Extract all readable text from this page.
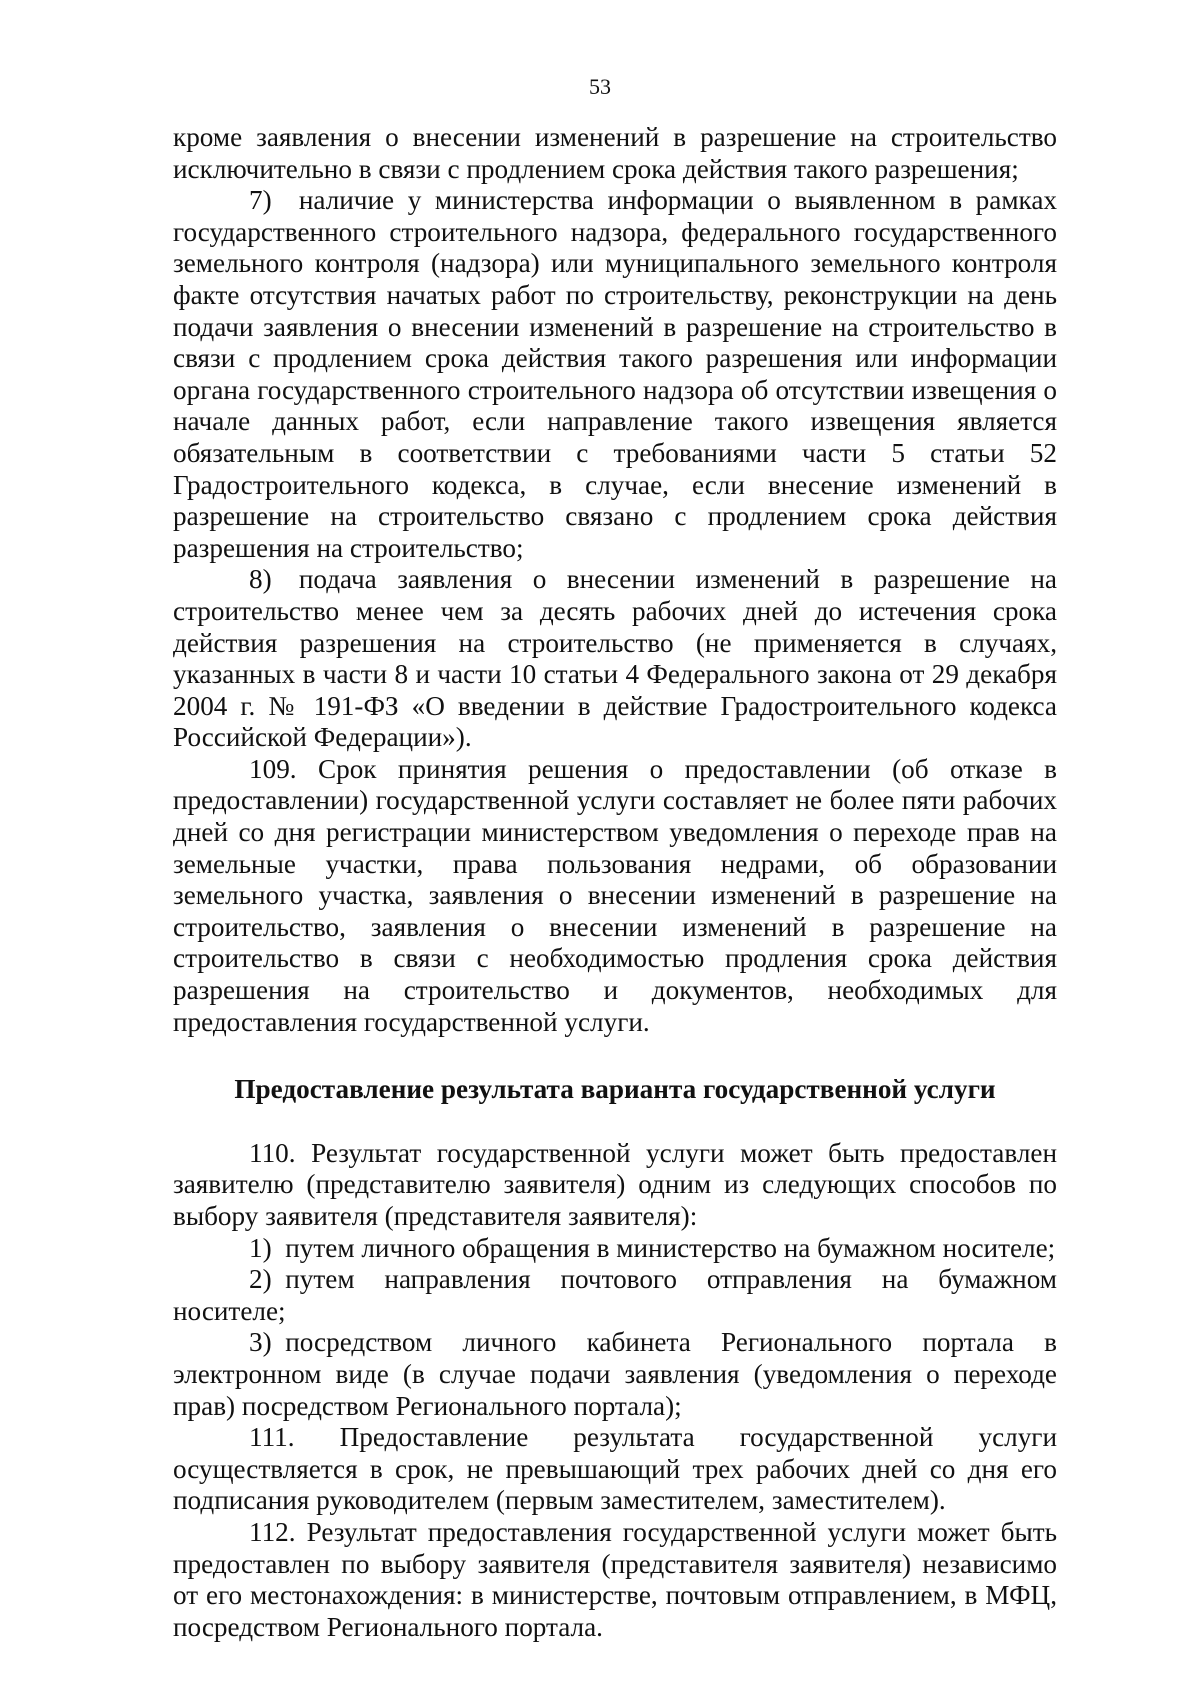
53

кроме заявления о внесении изменений в разрешение на строительство исключительно в связи с продлением срока действия такого разрешения;

7) наличие у министерства информации о выявленном в рамках государственного строительного надзора, федерального государственного земельного контроля (надзора) или муниципального земельного контроля факте отсутствия начатых работ по строительству, реконструкции на день подачи заявления о внесении изменений в разрешение на строительство в связи с продлением срока действия такого разрешения или информации органа государственного строительного надзора об отсутствии извещения о начале данных работ, если направление такого извещения является обязательным в соответствии с требованиями части 5 статьи 52 Градостроительного кодекса, в случае, если внесение изменений в разрешение на строительство связано с продлением срока действия разрешения на строительство;

8) подача заявления о внесении изменений в разрешение на строительство менее чем за десять рабочих дней до истечения срока действия разрешения на строительство (не применяется в случаях, указанных в части 8 и части 10 статьи 4 Федерального закона от 29 декабря 2004 г. № 191-ФЗ «О введении в действие Градостроительного кодекса Российской Федерации»).

109. Срок принятия решения о предоставлении (об отказе в предоставлении) государственной услуги составляет не более пяти рабочих дней со дня регистрации министерством уведомления о переходе прав на земельные участки, права пользования недрами, об образовании земельного участка, заявления о внесении изменений в разрешение на строительство, заявления о внесении изменений в разрешение на строительство в связи с необходимостью продления срока действия разрешения на строительство и документов, необходимых для предоставления государственной услуги.

Предоставление результата варианта государственной услуги

110. Результат государственной услуги может быть предоставлен заявителю (представителю заявителя) одним из следующих способов по выбору заявителя (представителя заявителя):

1) путем личного обращения в министерство на бумажном носителе;

2) путем направления почтового отправления на бумажном носителе;

3) посредством личного кабинета Регионального портала в электронном виде (в случае подачи заявления (уведомления о переходе прав) посредством Регионального портала);

111. Предоставление результата государственной услуги осуществляется в срок, не превышающий трех рабочих дней со дня его подписания руководителем (первым заместителем, заместителем).

112. Результат предоставления государственной услуги может быть предоставлен по выбору заявителя (представителя заявителя) независимо от его местонахождения: в министерстве, почтовым отправлением, в МФЦ, посредством Регионального портала.
